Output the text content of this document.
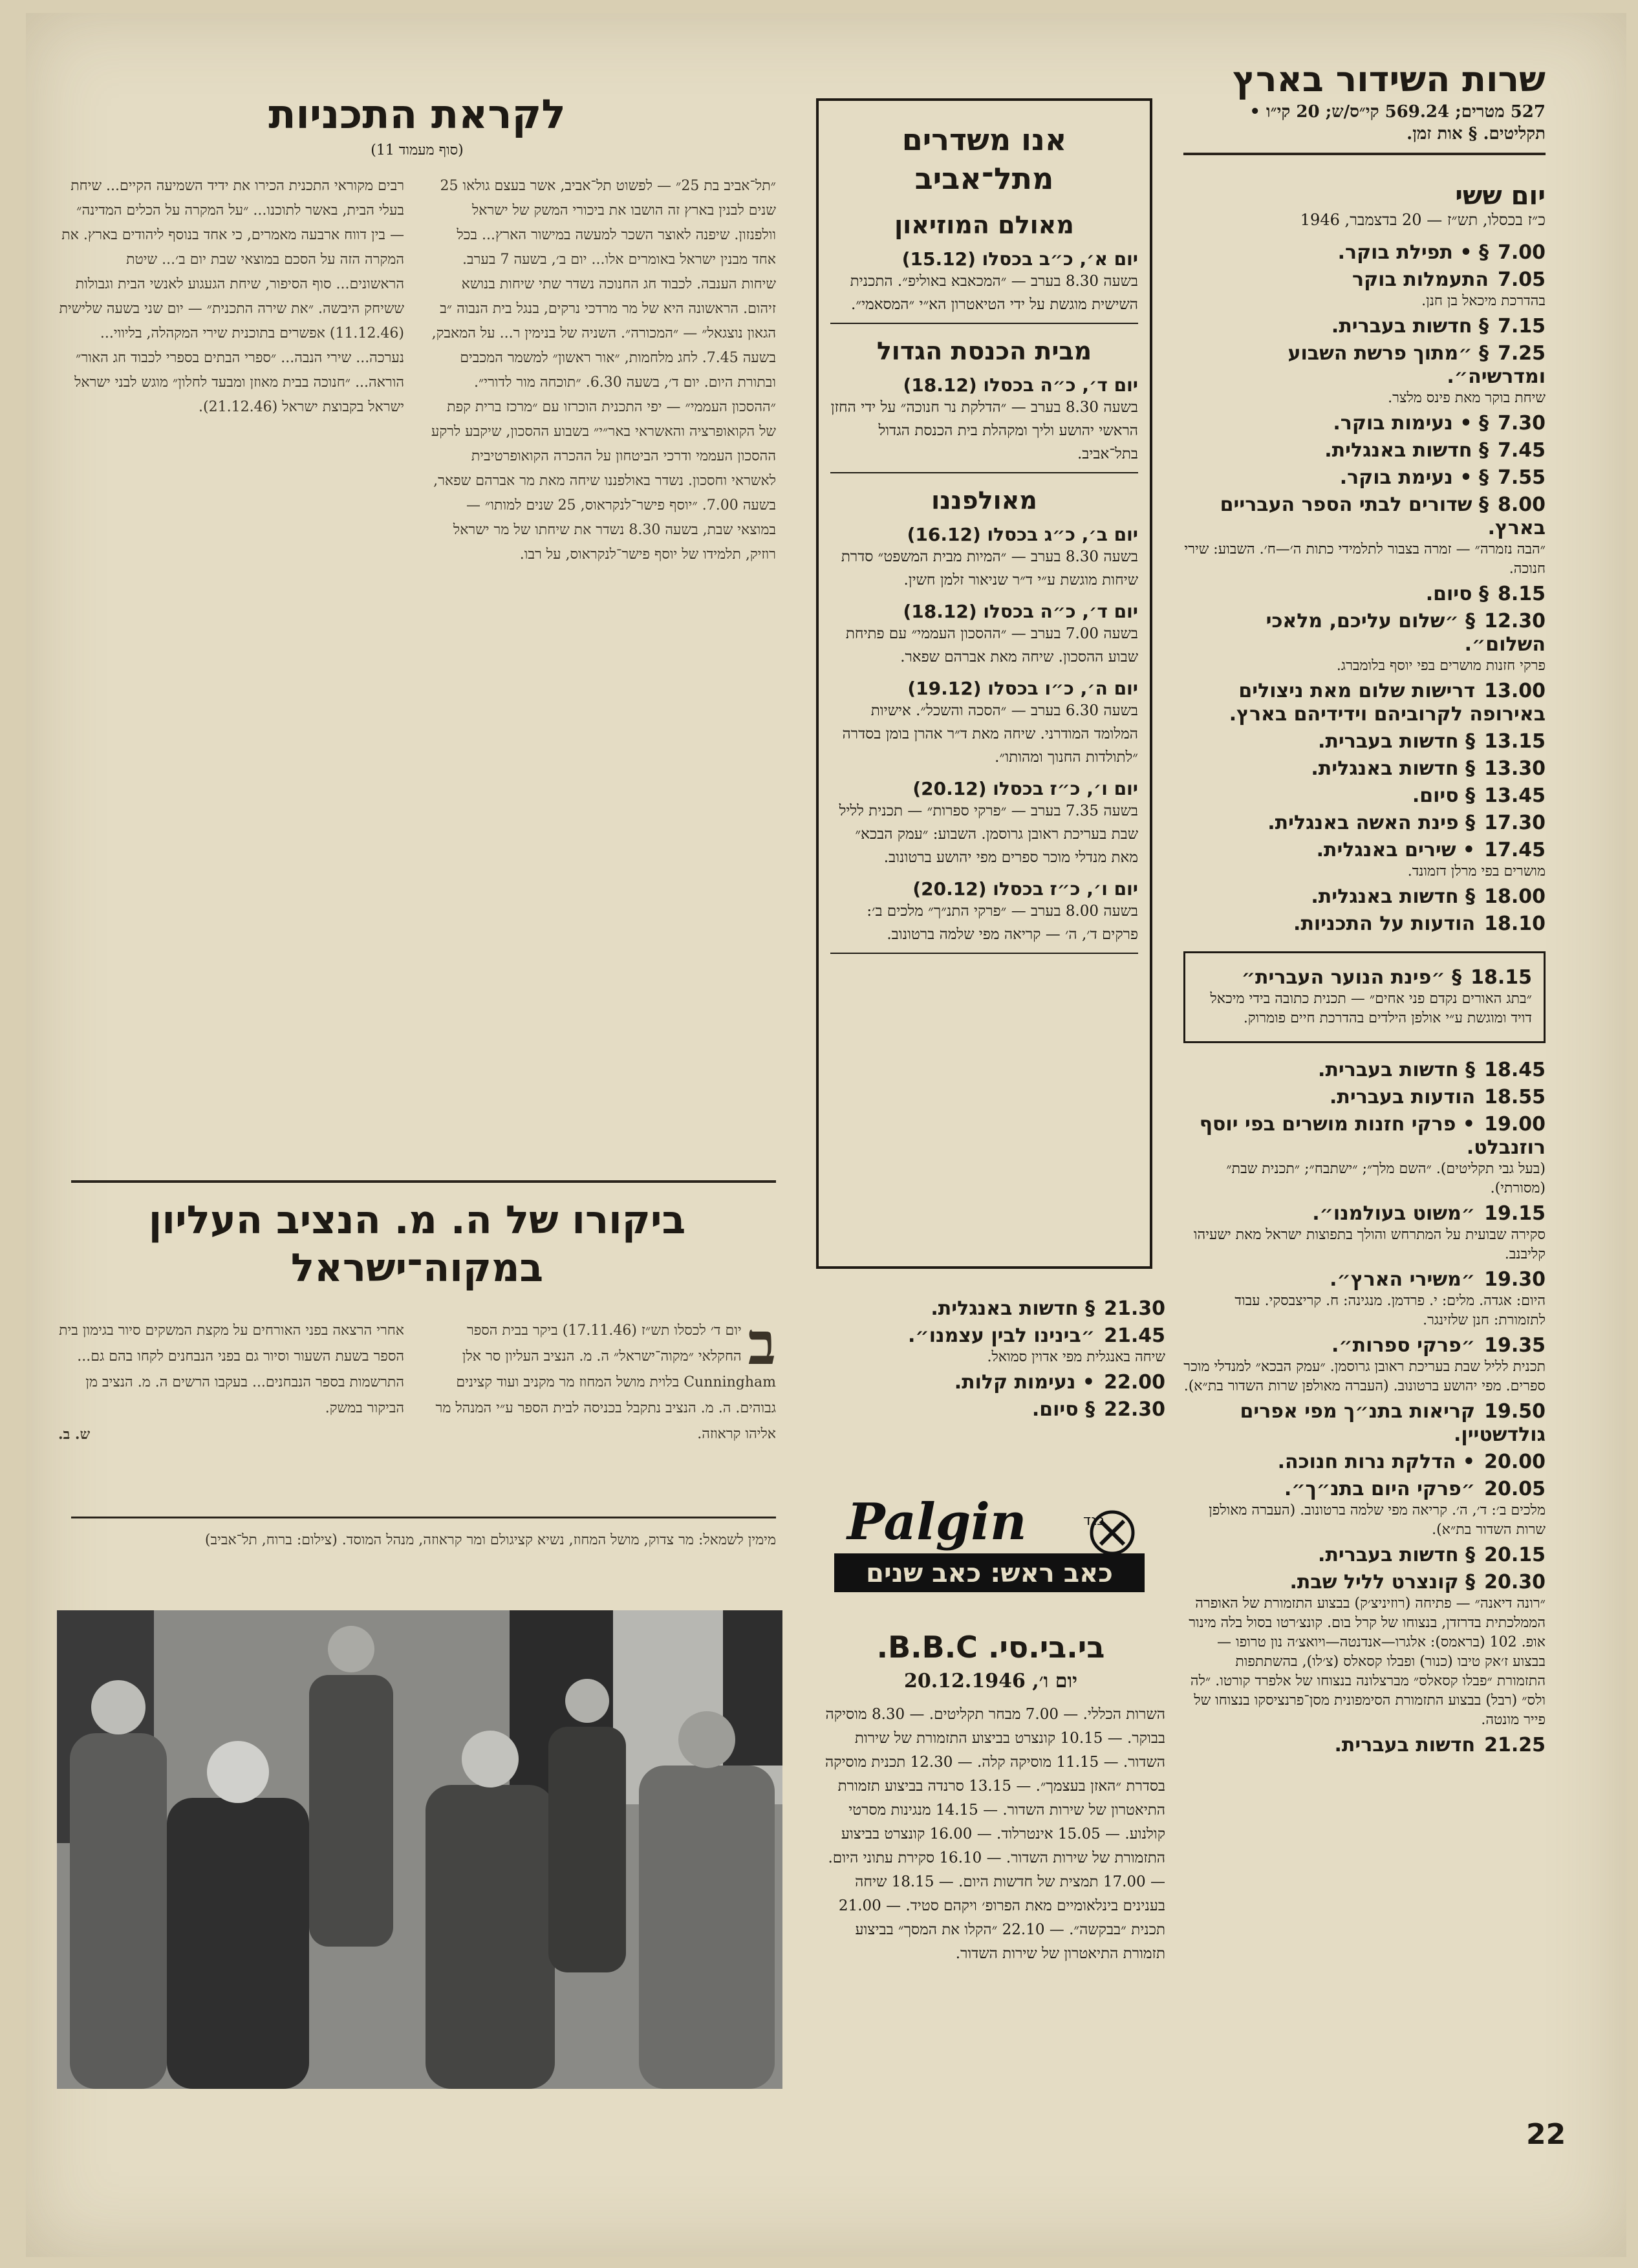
שרות השידור בארץ
527 מטרים; 569.24 קי״ס/ש; 20 קי״ו • תקליטים. § אות זמן.
יום ששי
כ״ז בכסלו, תש״ז — 20 בדצמבר, 1946
7.00§ • תפילת בוקר.
7.05התעמלות בוקר
בהדרכת מיכאל בן חנן.
7.15§ חדשות בעברית.
7.25§ ״מתוך פרשת השבוע ומדרשיה״.
שיחת בוקר מאת פינס מלצר.
7.30§ • נעימות בוקר.
7.45§ חדשות באנגלית.
7.55§ • נעימת בוקר.
8.00§ שדורים לבתי הספר העבריים בארץ.
״הבה נזמרה״ — זמרה בצבור לתלמידי כתות ה׳—ח׳. השבוע: שירי חנוכה.
8.15§ סיום.
12.30§ ״שלום עליכם, מלאכי השלום״.
פרקי חזנות מושרים בפי יוסף בלומברג.
13.00דרישות שלום מאת ניצולים באירופה לקרוביהם וידידיהם בארץ.
13.15§ חדשות בעברית.
13.30§ חדשות באנגלית.
13.45§ סיום.
17.30§ פינת האשה באנגלית.
17.45• שירים באנגלית.
מושרים בפי מרלן דזמונד.
18.00§ חדשות באנגלית.
18.10הודעות על התכניות.
18.15§ ״פינת הנוער העברית״
״בתג האורים נקדם פני אחים״ — תכנית כתובה בידי מיכאל דויד ומוגשת ע״י אולפן הילדים בהדרכת חיים פומרוק.
18.45§ חדשות בעברית.
18.55הודעות בעברית.
19.00• פרקי חזנות מושרים בפי יוסף רוזנבלט.
(בעל גבי תקליטים). ״השם מלך״; ״ישתבח״; ״תכנית שבת״ (מסורתי).
19.15״משוט בעולמנו״.
סקירה שבועית על המתרחש והולך בתפוצות ישראל מאת ישעיהו קליבנב.
19.30״משירי הארץ״.
היום: אגדה. מלים: י. פרדמן. מנגינה: ח. קריצבסקי. עבוד לתזמורת: חנן שלזינגר.
19.35״פרקי ספרות״.
תכנית לליל שבת בעריכת ראובן גרוסמן. ״עמק הבכא״ למנדלי מוכר ספרים. מפי יהושע ברטונוב. (העברה מאולפן שרות השדור בת״א).
19.50קריאות בתנ״ך מפי אפרים גולדשטיין.
20.00• הדלקת נרות חנוכה.
20.05״פרקי היום בתנ״ך״.
מלכים ב׳: ד׳, ה׳. קריאה מפי שלמה ברטונוב. (העברה מאולפן שרות השדור בת״א).
20.15§ חדשות בעברית.
20.30§ קונצרט לליל שבת.
״רונה דיאנה״ — פתיחה (רוזיניצ׳ק) בבצוע התזמורת של האופרה הממלכתית בדרזדן, בנצוחו של קרל בום. קונצ׳רטו בסול בלה מינור אופ. 102 (בראמס): אלגרו—אנדנטה—ויואצ׳ה נון טרופו — בבצוע ז׳אק טיבו (כנור) ופבלו קסאלס (צ׳לו), בהשתתפות התזמורת ״פבלו קסאלס״ מברצלונה בנצוחו של אלפרד קורטו. ״לה ולס״ (רבל) בבצוע התזמורת הסימפונית מסן־פרנציסקו בנצוחו של פייר מונטה.
21.25חדשות בעברית.
אנו משדרים מתל־אביב
מאולם המוזיאון
יום א׳, כ״ב בכסלו (15.12)
בשעה 8.30 בערב — ״המכאבא באוליפ״. התכנית השישית מוגשת על ידי הטיאטרון הא״י ״המסאמי״.
מבית הכנסת הגדול
יום ד׳, כ״ה בכסלו (18.12)
בשעה 8.30 בערב — ״הדלקת נר חנוכה״ על ידי החזן הראשי יהושע וליך ומקהלת בית הכנסת הגדול בתל־אביב.
מאולפננו
יום ב׳, כ״ג בכסלו (16.12)
בשעה 8.30 בערב — ״המיות מבית המשפט״ סדרת שיחות מוגשת ע״י ד״ר שניאור זלמן חשין.
יום ד׳, כ״ה בכסלו (18.12)
בשעה 7.00 בערב — ״ההסכון העממי״ עם פתיחת שבוע ההסכון. שיחה מאת אברהם שפאר.
יום ה׳, כ״ו בכסלו (19.12)
בשעה 6.30 בערב — ״הסכה והשכל״. אישיות המלומד המודרני. שיחה מאת ד״ר אהרן בומן בסדרה ״לתולדות החנוך ומהותו״.
יום ו׳, כ״ז בכסלו (20.12)
בשעה 7.35 בערב — ״פרקי ספרות״ — תכנית לליל שבת בעריכת ראובן גרוסמן. השבוע: ״עמק הבכא״ מאת מנדלי מוכר ספרים מפי יהושע ברטונוב.
יום ו׳, כ״ז בכסלו (20.12)
בשעה 8.00 בערב — ״פרקי התנ״ך״ מלכים ב׳: פרקים ד׳, ה׳ — קריאה מפי שלמה ברטונוב.
21.30§ חדשות באנגלית.
21.45״בינינו לבין עצמנו״.
שיחה באנגלית מפי אדוין סמואל.
22.00• נעימות קלות.
22.30§ סיום.
Palgin	בגד
כאב ראש: כאב שנים
בי.בי.סי. B.B.C.
יום ו׳, 20.12.1946
השרות הכללי. — 7.00 מבחר תקליטים. — 8.30 מוסיקה בבוקר. — 10.15 קונצרט בביצוע התזמורת של שירות השדור. — 11.15 מוסיקה קלה. — 12.30 תכנית מוסיקה בסדרת ״האזן בעצמך״. — 13.15 סרנדה בביצוע תזמורת התיאטרון של שירות השדור. — 14.15 מנגינות מסרטי קולנוע. — 15.05 אינטרלוד. — 16.00 קונצרט בביצוע התזמורת של שירות השדור. — 16.10 סקירת עתוני היום. — 17.00 תמצית של חדשות היום. — 18.15 שיחה בענינים בינלאומיים מאת הפרופ׳ ויקהם סטיד. — 21.00 תכנית ״בבקשה״. — 22.10 ״הקלו את המסך״ בביצוע תזמורת התיאטרון של שירות השדור.
לקראת התכניות
(סוף מעמוד 11)
״תל־אביב בת 25״ — לפשוט תל־אביב, אשר בעצם גולאו 25 שנים לבנין בארץ זה הושבו את ביכורי המשק של ישראל וולפנזון. שיפנה לאוצר השכר למעשה במישור הארץ... בכל אחד מבנין ישראל באומרים אלו... יום ב׳, בשעה 7 בערב. שיחות הענבה. לכבוד חג החנוכה נשדר שתי שיחות בנושא זיהום. הראשונה היא של מר מרדכי נרקים, בנגל בית הנבוה ״ב הגאון נוצגאל״ — ״המכורה״. השניה של בנימין ר... על המאבק, בשעה 7.45. לחג מלחמות, ״אור ראשון״ למשמר המכבים ובתורת היום. יום ד׳, בשעה 6.30. ״תוכחה מור לדורי״. ״ההסכון העממי״ — יפי התכנית הוכרזו עם ״מרכז ברית קפת של הקואופרציה והאשראי באר״י״ בשבוע ההסכון, שיקבע לרקע ההסכון העממי ודרכי הביטחון על ההכרה הקואופרטיבית לאשראי וחסכון. נשדר באולפננו שיחה מאת מר אברהם שפאר, בשעה 7.00. ״יוסף פישר־לנקראוס, 25 שנים למותו״ — במוצאי שבת, בשעה 8.30 נשדר את שיחתו של מר ישראל רוזיק, תלמידו של יוסף פישר־לנקראוס, על רבו.
רבים מקוראי התכנית הכירו את ידיד השמיעה הקיים... שיחת בעלי הבית, באשר לתוכנו... ״על המקרה על הכלים המדינה״ — בין דווח ארבעה מאמרים, כי אחד בנוסף ליהודים בארץ. את המקרה הזה על הסכם במוצאי שבת יום ב׳... שיטת הראשונים... סוף הסיפור, שיחת הגעגוע לאנשי הבית וגבולות ששיחק היבשה. ״את שירה התכנית״ — יום שני בשעה שלישית (11.12.46) אפשרים בתוכנית שירי המקהלה, בליווי... נערכה... שירי הנבה... ״ספרי הבתים בספרי לכבוד חג האור״ הוראה... ״חנוכה בבית מאוזן ומבעד לחלון״ מוגש לבני ישראל ישראל בקבוצת ישראל (21.12.46).
ביקורו של ה. מ. הנציב העליון במקוה־ישראל
ב
יום ד׳ לכסלו תש״ז (17.11.46) ביקר בבית הספר החקלאי ״מקוה־ישראל״ ה. מ. הנציב העליון סר אלן Cunningham בלוית מושל המחוז מר מקניב ועוד קצינים גבוהים. ה. מ. הנציב נתקבל בכניסה לבית הספר ע״י המנהל מר אליהו קראוזה.
אחרי הרצאה בפני האורחים על מקצת המשקים סיור בגימון בית הספר בשעת השעור וסיור גם בפני הנבחנים לקחו בהם גם... התרשמות בספר הנבחנים... בעקבו הרשים ה. מ. הנציב מן הביקור במשק.
ש. ב.
מימין לשמאל: מר צדוק, מושל המחוז, נשיא קציגולם ומר קראוזה, מנהל המוסד. (צילום: ברוח, תל־אביב)
22
